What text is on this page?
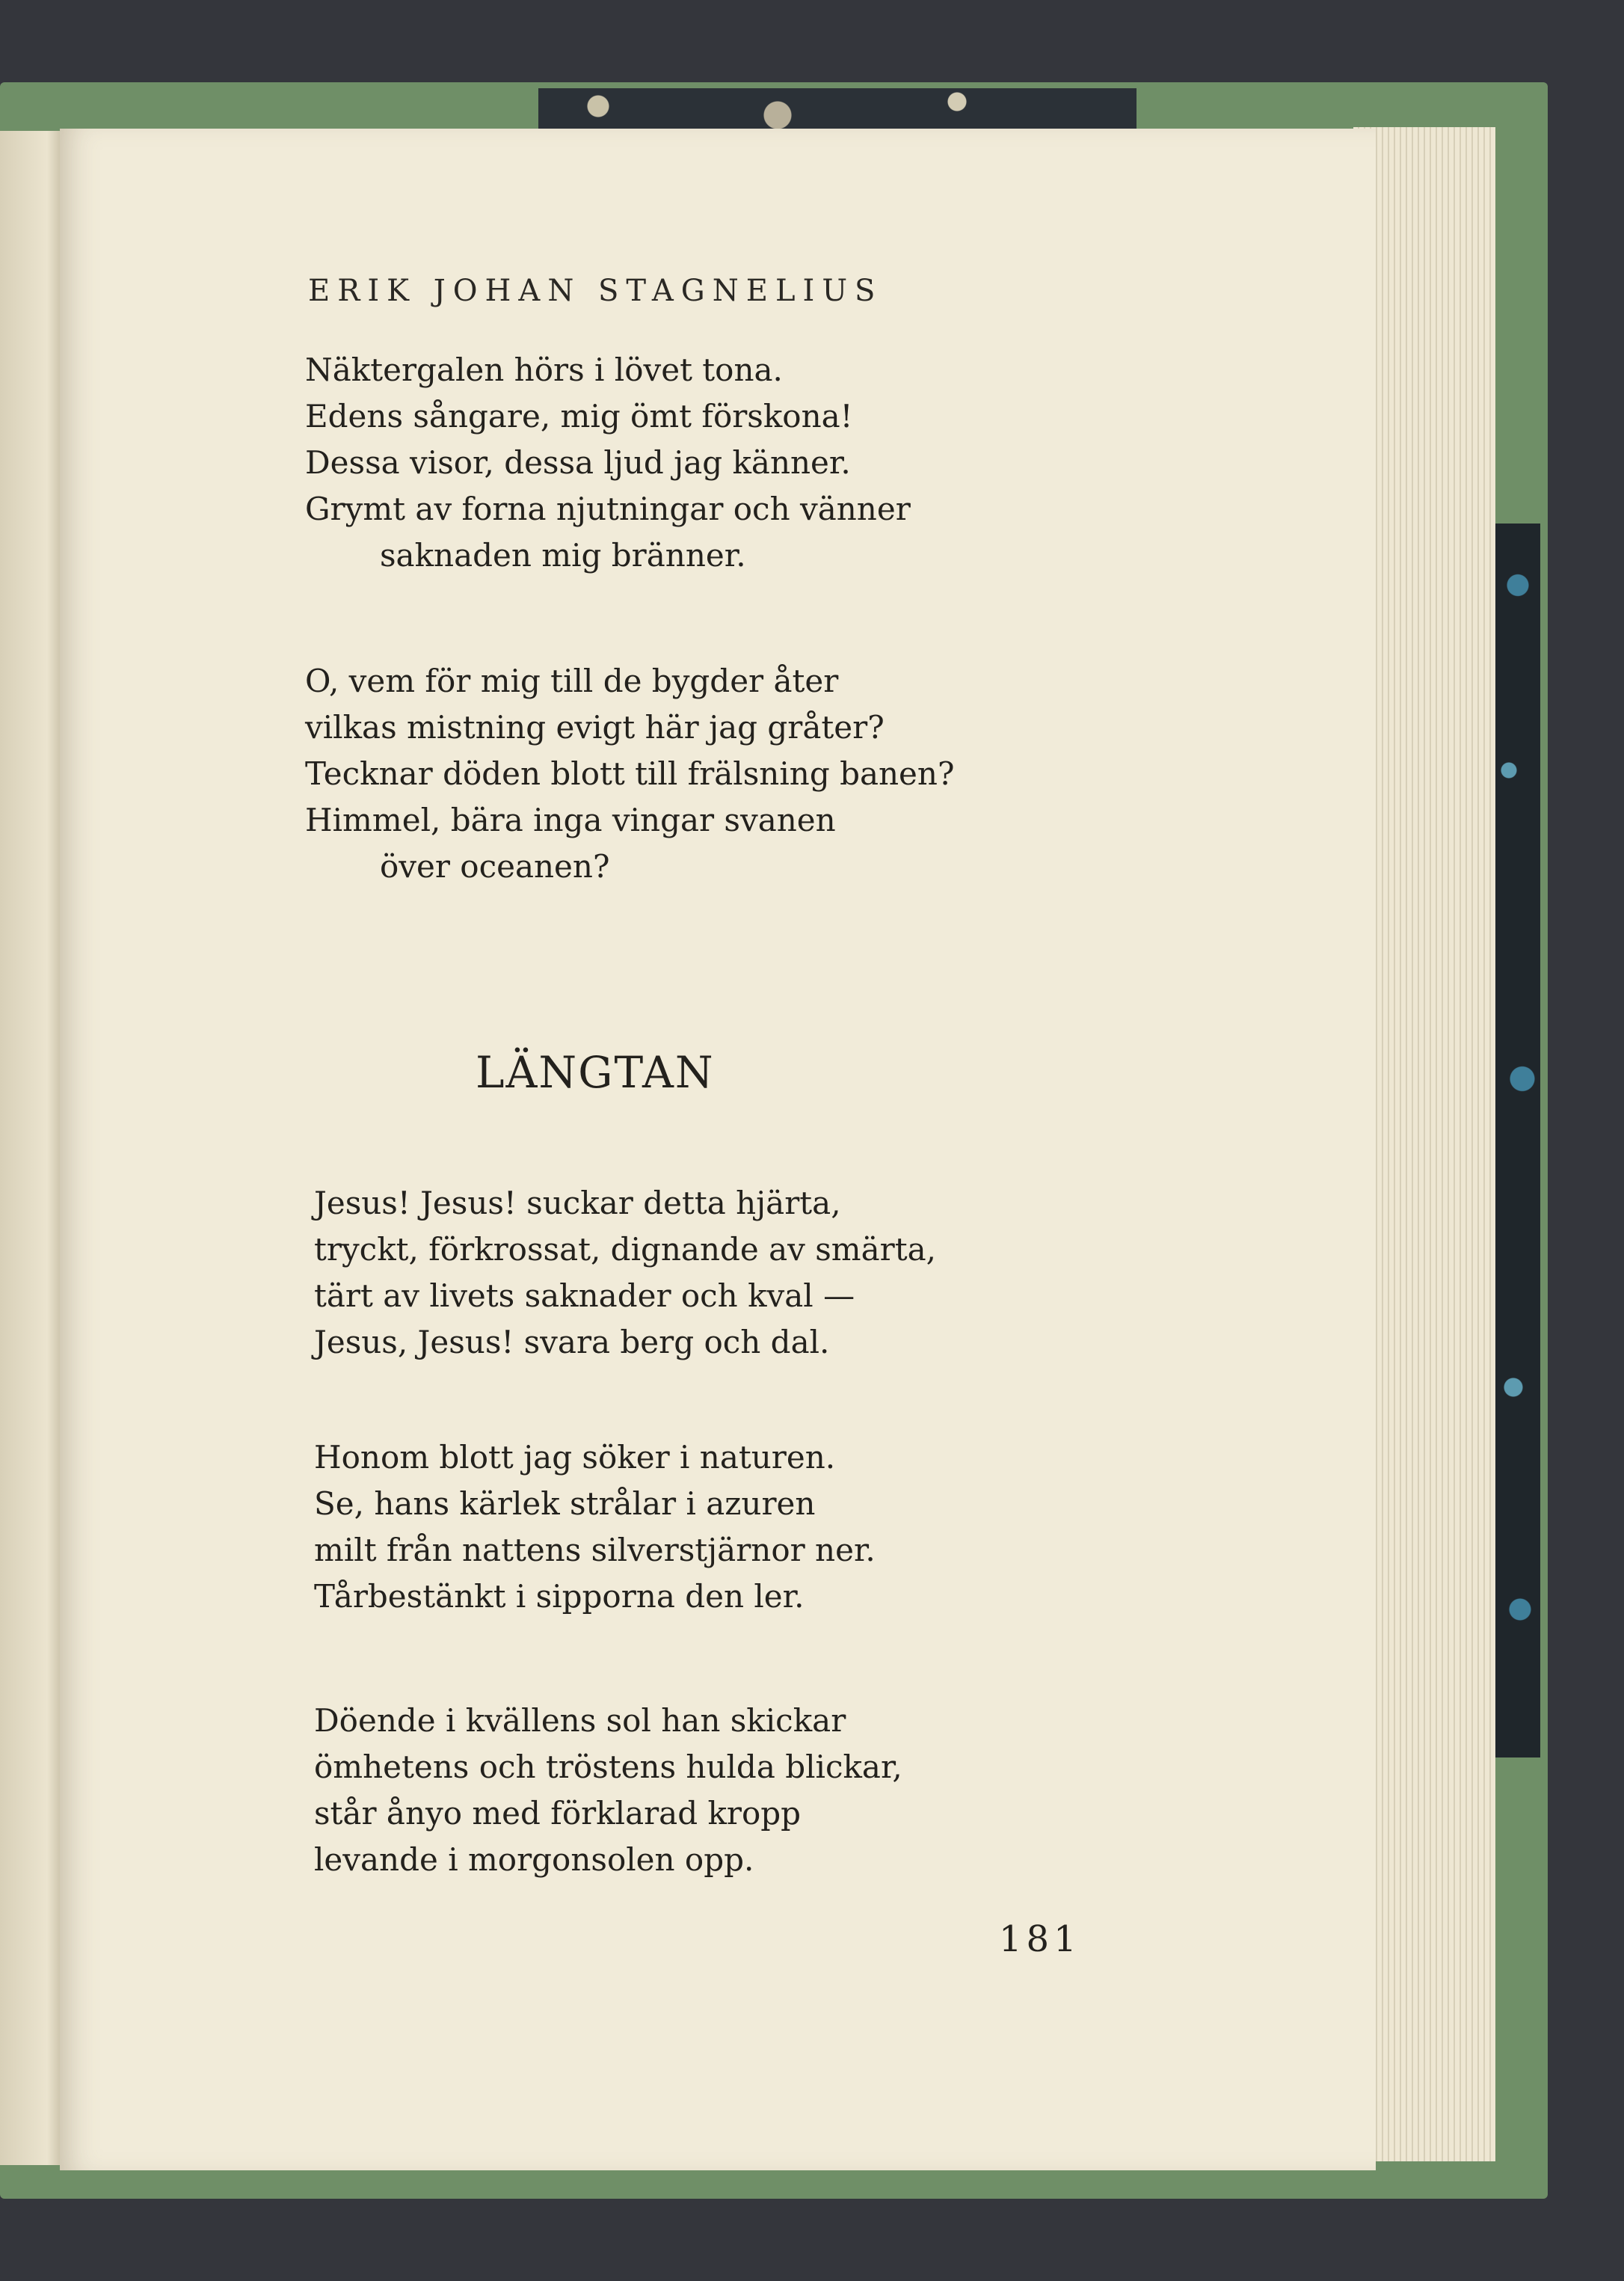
ERIK JOHAN STAGNELIUS
Näktergalen hörs i lövet tona.
Edens sångare, mig ömt förskona!
Dessa visor, dessa ljud jag känner.
Grymt av forna njutningar och vänner
saknaden mig bränner.
O, vem för mig till de bygder åter
vilkas mistning evigt här jag gråter?
Tecknar döden blott till frälsning banen?
Himmel, bära inga vingar svanen
över oceanen?
LÄNGTAN
Jesus! Jesus! suckar detta hjärta,
tryckt, förkrossat, dignande av smärta,
tärt av livets saknader och kval —
Jesus, Jesus! svara berg och dal.
Honom blott jag söker i naturen.
Se, hans kärlek strålar i azuren
milt från nattens silverstjärnor ner.
Tårbestänkt i sipporna den ler.
Döende i kvällens sol han skickar
ömhetens och tröstens hulda blickar,
står ånyo med förklarad kropp
levande i morgonsolen opp.
181
